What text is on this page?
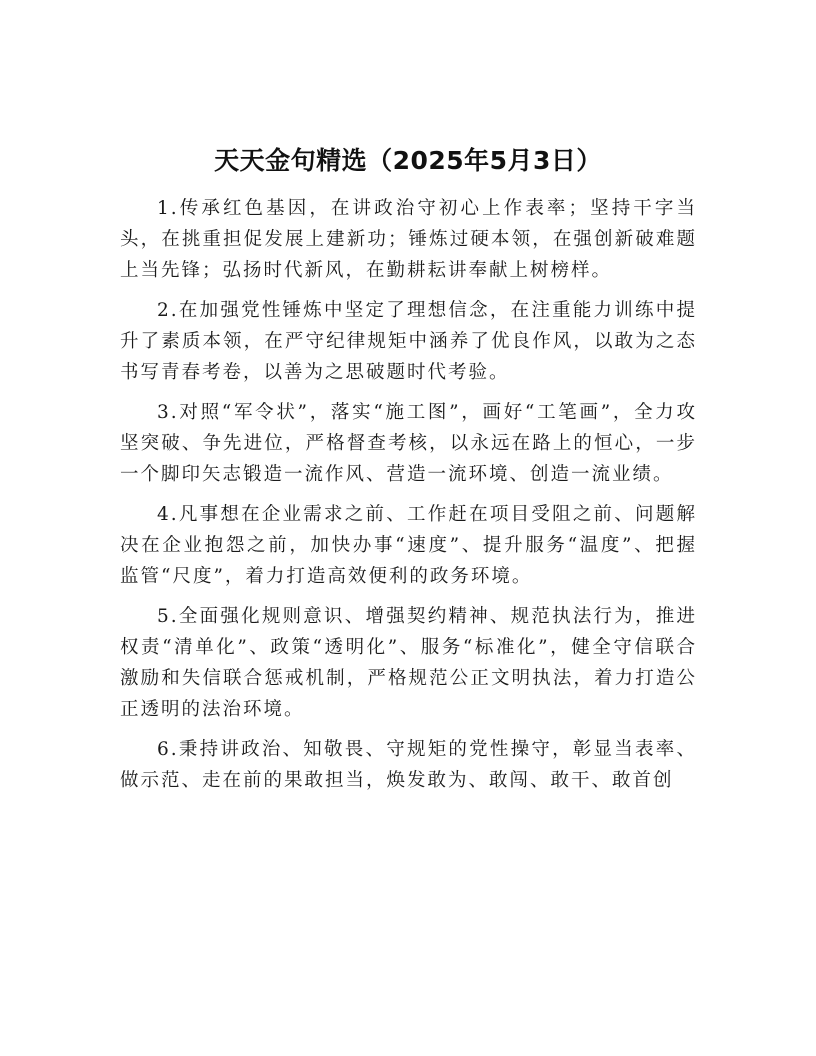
天天金句精选（2025年5月3日）

1.传承红色基因，在讲政治守初心上作表率；坚持干字当头，在挑重担促发展上建新功；锤炼过硬本领，在强创新破难题上当先锋；弘扬时代新风，在勤耕耘讲奉献上树榜样。

2.在加强党性锤炼中坚定了理想信念，在注重能力训练中提升了素质本领，在严守纪律规矩中涵养了优良作风，以敢为之态书写青春考卷，以善为之思破题时代考验。

3.对照“军令状”，落实“施工图”，画好“工笔画”，全力攻坚突破、争先进位，严格督查考核，以永远在路上的恒心，一步一个脚印矢志锻造一流作风、营造一流环境、创造一流业绩。

4.凡事想在企业需求之前、工作赶在项目受阻之前、问题解决在企业抱怨之前，加快办事“速度”、提升服务“温度”、把握监管“尺度”，着力打造高效便利的政务环境。

5.全面强化规则意识、增强契约精神、规范执法行为，推进权责“清单化”、政策“透明化”、服务“标准化”，健全守信联合激励和失信联合惩戒机制，严格规范公正文明执法，着力打造公正透明的法治环境。

6.秉持讲政治、知敬畏、守规矩的党性操守，彰显当表率、做示范、走在前的果敢担当，焕发敢为、敢闯、敢干、敢首创
